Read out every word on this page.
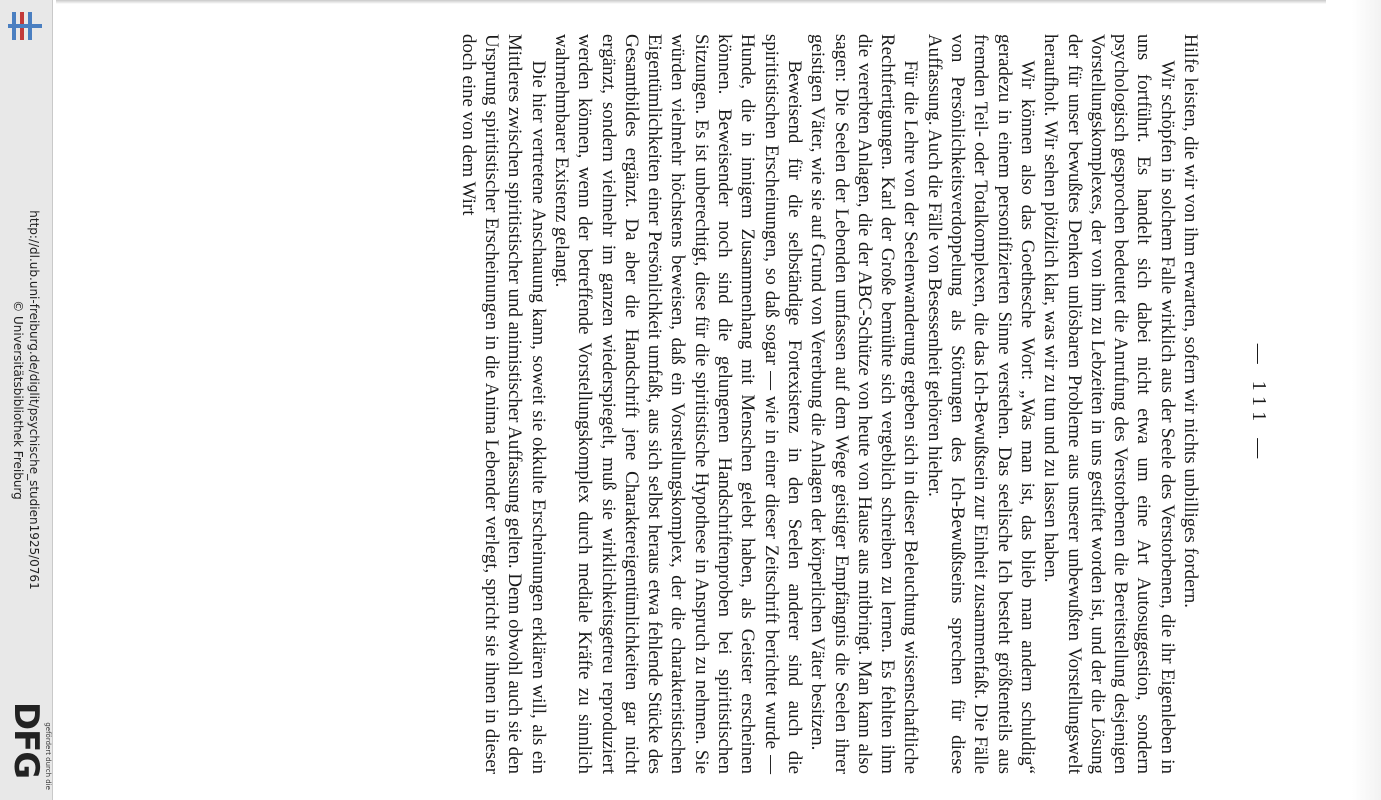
http://dl.ub.uni-freiburg.de/diglit/psychische_studien1925/0761
© Universitätsbibliothek Freiburg
gefördert durch die
DFG
— 111 —

Hilfe leisten, die wir von ihm erwarten, sofern wir nichts unbilliges fordern.

Wir schöpfen in solchem Falle wirklich aus der Seele des Verstorbenen, die ihr Eigenleben in uns fortführt. Es handelt sich dabei nicht etwa um eine Art Autosuggestion, sondern psychologisch gesprochen bedeutet die Anrufung des Verstorbenen die Bereitstellung desjenigen Vorstellungskomplexes, der von ihm zu Lebzeiten in uns gestiftet worden ist, und der die Lösung der für unser bewußtes Denken unlösbaren Probleme aus unserer unbewußten Vorstellungswelt heraufholt. Wir sehen plötzlich klar, was wir zu tun und zu lassen haben.

Wir können also das Goethesche Wort: „Was man ist, das blieb man andern schuldig“ geradezu in einem personifizierten Sinne verstehen. Das seelische Ich besteht größtenteils aus fremden Teil- oder Totalkomplexen, die das Ich-Bewußtsein zur Einheit zusammenfaßt. Die Fälle von Persönlichkeitsverdoppelung als Störungen des Ich-Bewußtseins sprechen für diese Auffassung. Auch die Fälle von Besessenheit gehören hieher.

Für die Lehre von der Seelenwanderung ergeben sich in dieser Beleuchtung wissenschaftliche Rechtfertigungen. Karl der Große bemühte sich vergeblich schreiben zu lernen. Es fehlten ihm die vererbten Anlagen, die der ABC-Schütze von heute von Hause aus mitbringt. Man kann also sagen: Die Seelen der Lebenden umfassen auf dem Wege geistiger Empfängnis die Seelen ihrer geistigen Väter, wie sie auf Grund von Vererbung die Anlagen der körperlichen Väter besitzen.

Beweisend für die selbständige Fortexistenz in den Seelen anderer sind auch die spiritistischen Erscheinungen, so daß sogar — wie in einer dieser Zeitschrift berichtet wurde — Hunde, die in innigem Zusammenhang mit Menschen gelebt haben, als Geister erscheinen können. Beweisender noch sind die gelungenen Handschriftenproben bei spiritistischen Sitzungen. Es ist unberechtigt, diese für die spiritistische Hypothese in Anspruch zu nehmen. Sie würden vielmehr höchstens beweisen, daß ein Vorstellungskomplex, der die charakteristischen Eigentümlichkeiten einer Persönlichkeit umfaßt, aus sich selbst heraus etwa fehlende Stücke des Gesamtbildes ergänzt. Da aber die Handschrift jene Charaktereigentümlichkeiten gar nicht ergänzt, sondern vielmehr im ganzen wiederspiegelt, muß sie wirklichkeitsgetreu reproduziert werden können, wenn der betreffende Vorstellungskomplex durch mediale Kräfte zu sinnlich wahrnehmbarer Existenz gelangt.

Die hier vertretene Anschauung kann, soweit sie okkulte Erscheinungen erklären will, als ein Mittleres zwischen spiritistischer und animistischer Auffassung gelten. Denn obwohl auch sie den Ursprung spiritistischer Erscheinungen in die Anima Lebender verlegt, spricht sie ihnen in dieser doch eine von dem Wirt
